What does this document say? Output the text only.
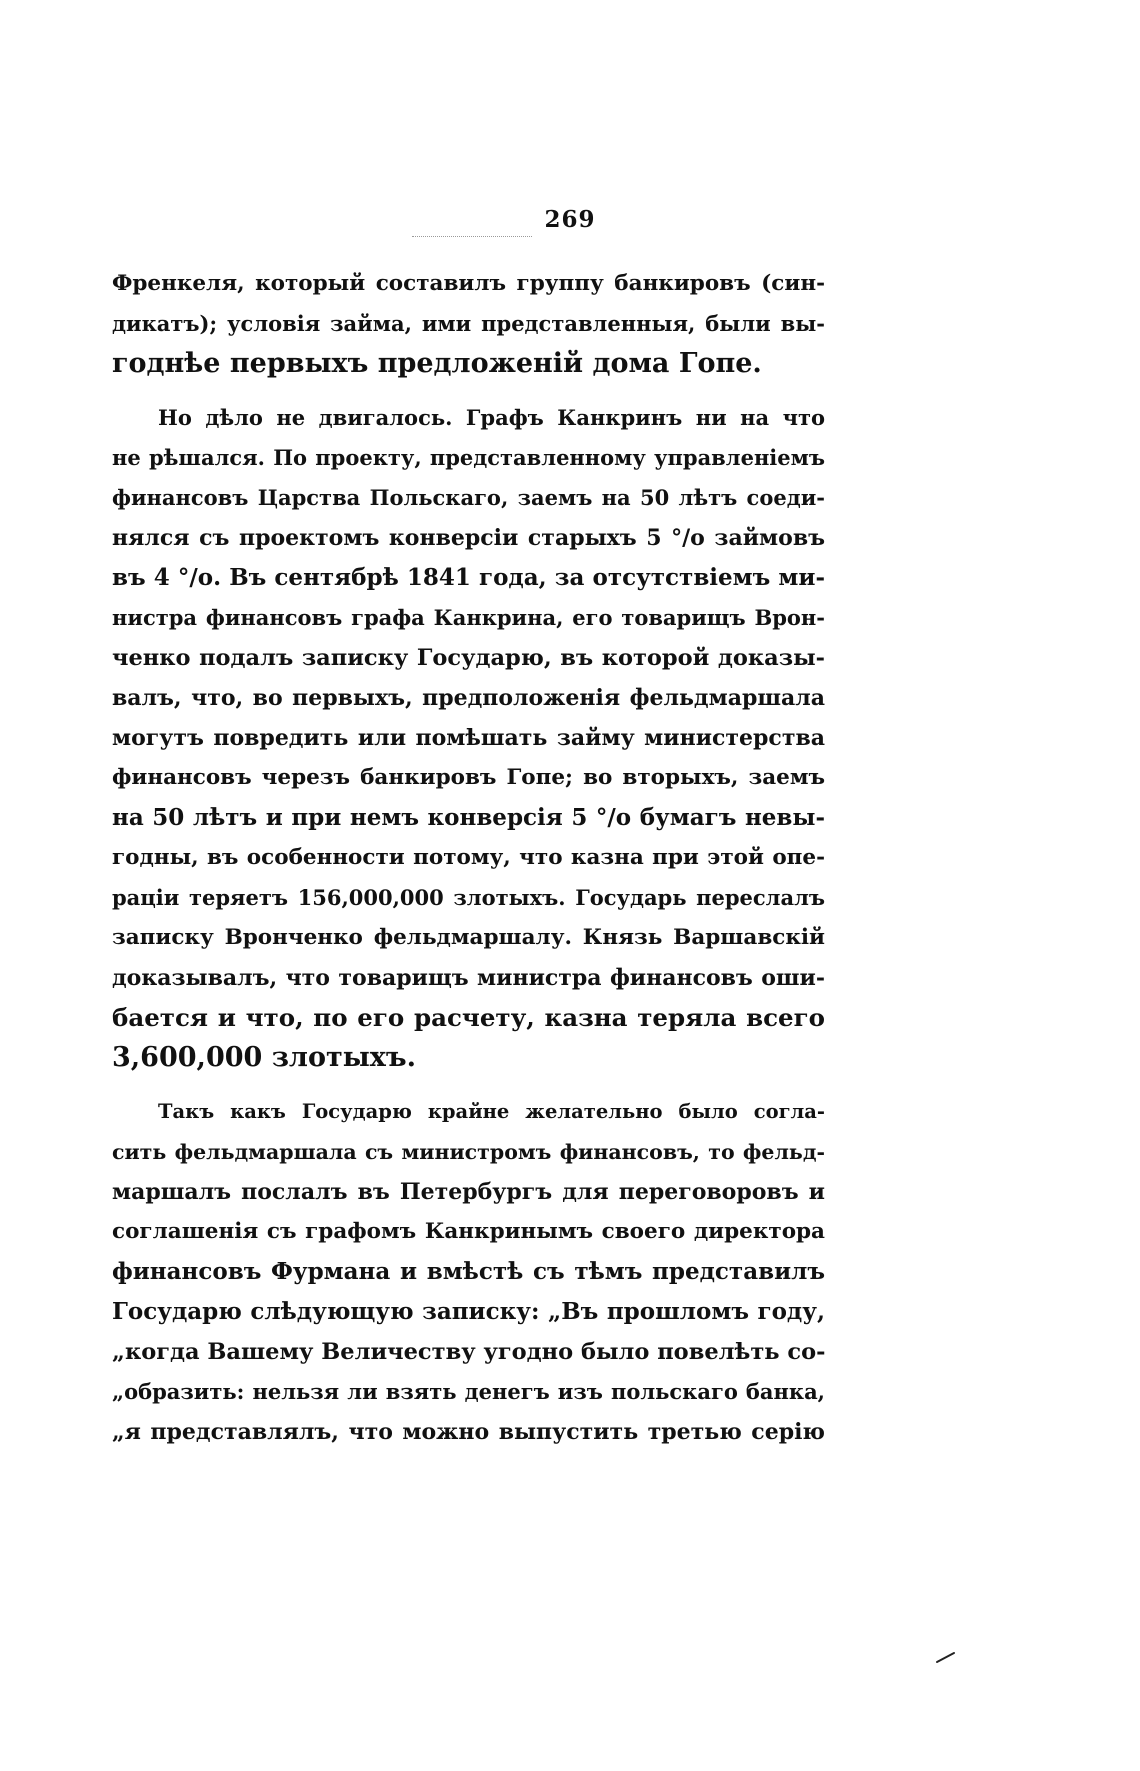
269
Френкеля, который составилъ группу банкировъ (син-
дикатъ); условія займа, ими представленныя, были вы-
годнѣе первыхъ предложеній дома Гопе.
Но дѣло не двигалось. Графъ Канкринъ ни на что
не рѣшался. По проекту, представленному управленіемъ
финансовъ Царства Польскаго, заемъ на 50 лѣтъ соеди-
нялся съ проектомъ конверсіи старыхъ 5 °/о займовъ
въ 4 °/о. Въ сентябрѣ 1841 года, за отсутствіемъ ми-
нистра финансовъ графа Канкрина, его товарищъ Врон-
ченко подалъ записку Государю, въ которой доказы-
валъ, что, во первыхъ, предположенія фельдмаршала
могутъ повредить или помѣшать займу министерства
финансовъ черезъ банкировъ Гопе; во вторыхъ, заемъ
на 50 лѣтъ и при немъ конверсія 5 °/о бумагъ невы-
годны, въ особенности потому, что казна при этой опе-
раціи теряетъ 156,000,000 злотыхъ. Государь переслалъ
записку Вронченко фельдмаршалу. Князь Варшавскій
доказывалъ, что товарищъ министра финансовъ оши-
бается и что, по его расчету, казна теряла всего
3,600,000 злотыхъ.
Такъ какъ Государю крайне желательно было согла-
сить фельдмаршала съ министромъ финансовъ, то фельд-
маршалъ послалъ въ Петербургъ для переговоровъ и
соглашенія съ графомъ Канкринымъ своего директора
финансовъ Фурмана и вмѣстѣ съ тѣмъ представилъ
Государю слѣдующую записку: „Въ прошломъ году,
„когда Вашему Величеству угодно было повелѣть со-
„образить: нельзя ли взять денегъ изъ польскаго банка,
„я представлялъ, что можно выпустить третью серію
